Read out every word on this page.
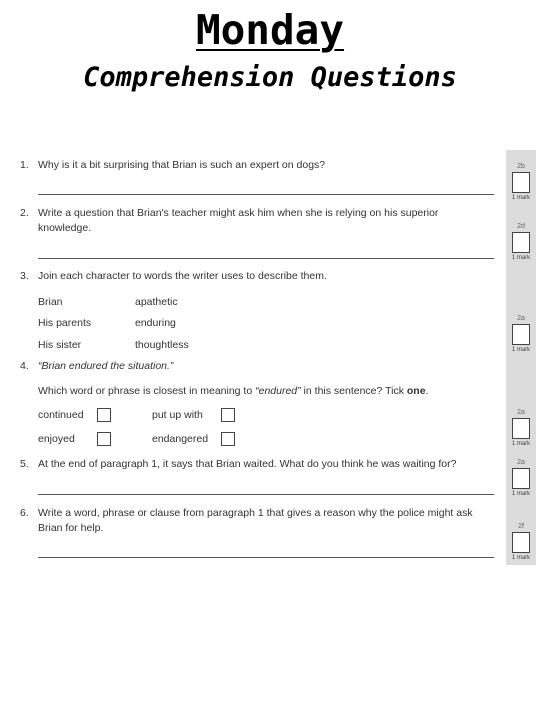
Monday
Comprehension Questions
1. Why is it a bit surprising that Brian is such an expert on dogs?
2. Write a question that Brian's teacher might ask him when she is relying on his superior
knowledge.
3. Join each character to words the writer uses to describe them.
Brian
His parents
His sister
apathetic
enduring
thoughtless
4. “Brian endured the situation.”
Which word or phrase is closest in meaning to “endured” in this sentence? Tick one.
continued	put up with
enjoyed	endangered
5. At the end of paragraph 1, it says that Brian waited. What do you think he was waiting for?
6. Write a word, phrase or clause from paragraph 1 that gives a reason why the police might ask
Brian for help.
2b
1 mark
2d
1 mark
2a
1 mark
2a
1 mark
2a
1 mark
2f
1 mark
